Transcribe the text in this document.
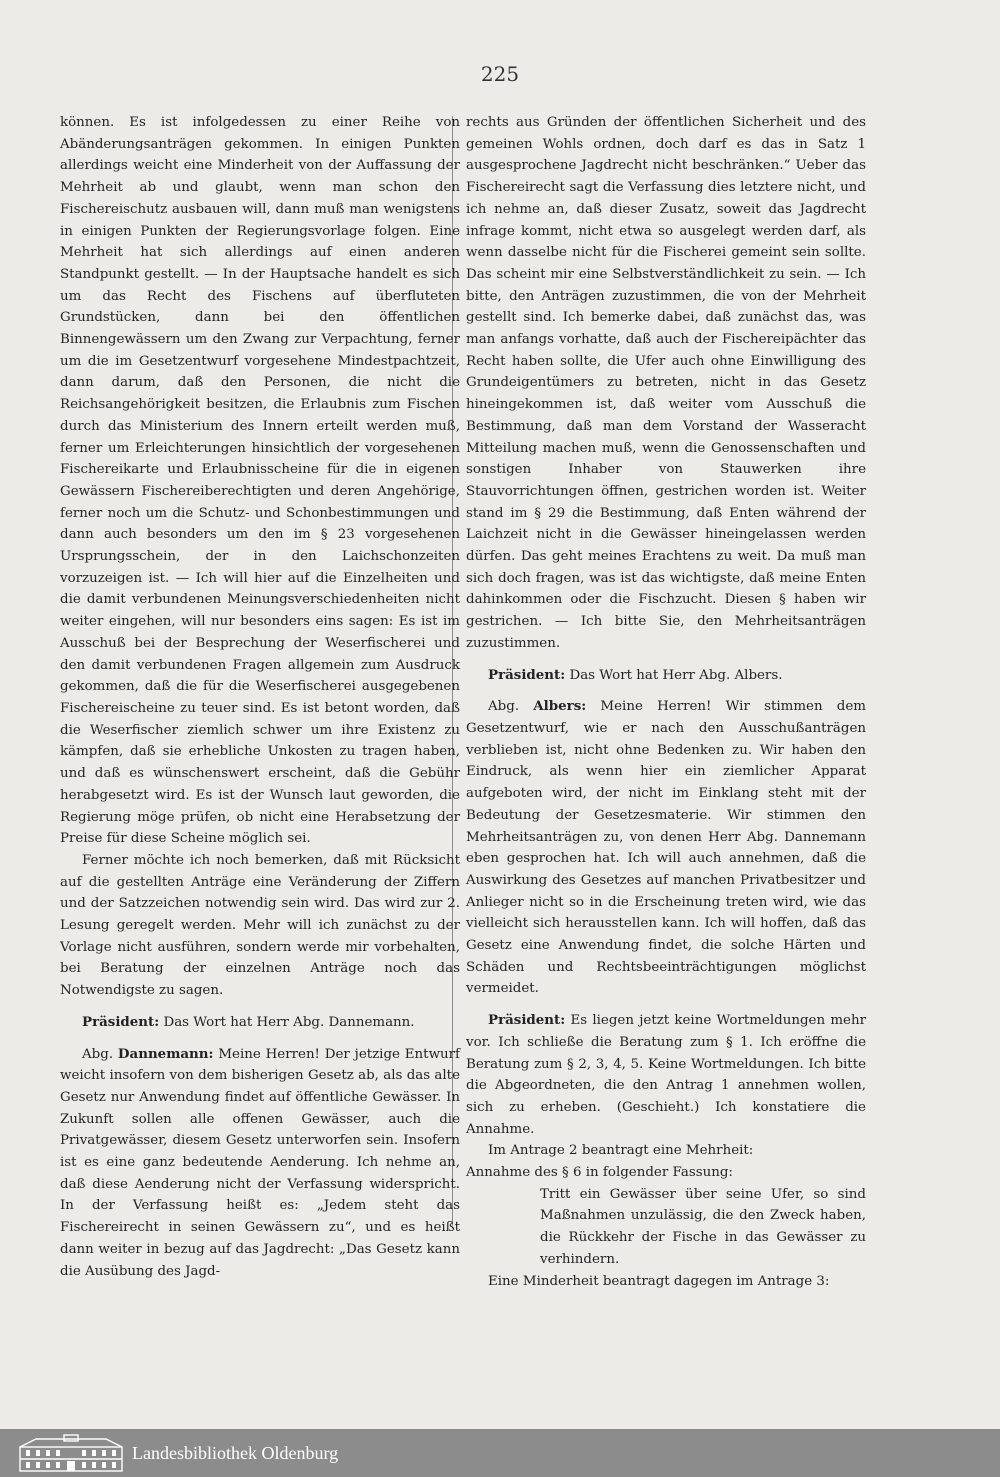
225

können. Es ist infolgedessen zu einer Reihe von Abänderungsanträgen gekommen. In einigen Punkten allerdings weicht eine Minderheit von der Auffassung der Mehrheit ab und glaubt, wenn man schon den Fischereischutz ausbauen will, dann muß man wenigstens in einigen Punkten der Regierungsvorlage folgen. Eine Mehrheit hat sich allerdings auf einen anderen Standpunkt gestellt. — In der Hauptsache handelt es sich um das Recht des Fischens auf überfluteten Grundstücken, dann bei den öffentlichen Binnengewässern um den Zwang zur Verpachtung, ferner um die im Gesetzentwurf vorgesehene Mindestpachtzeit, dann darum, daß den Personen, die nicht die Reichsangehörigkeit besitzen, die Erlaubnis zum Fischen durch das Ministerium des Innern erteilt werden muß, ferner um Erleichterungen hinsichtlich der vorgesehenen Fischereikarte und Erlaubnisscheine für die in eigenen Gewässern Fischereiberechtigten und deren Angehörige, ferner noch um die Schutz- und Schonbestimmungen und dann auch besonders um den im § 23 vorgesehenen Ursprungsschein, der in den Laichschonzeiten vorzuzeigen ist. — Ich will hier auf die Einzelheiten und die damit verbundenen Meinungsverschiedenheiten nicht weiter eingehen, will nur besonders eins sagen: Es ist im Ausschuß bei der Besprechung der Weserfischerei und den damit verbundenen Fragen allgemein zum Ausdruck gekommen, daß die für die Weserfischerei ausgegebenen Fischereischeine zu teuer sind. Es ist betont worden, daß die Weserfischer ziemlich schwer um ihre Existenz zu kämpfen, daß sie erhebliche Unkosten zu tragen haben, und daß es wünschenswert erscheint, daß die Gebühr herabgesetzt wird. Es ist der Wunsch laut geworden, die Regierung möge prüfen, ob nicht eine Herabsetzung der Preise für diese Scheine möglich sei.

Ferner möchte ich noch bemerken, daß mit Rücksicht auf die gestellten Anträge eine Veränderung der Ziffern und der Satzzeichen notwendig sein wird. Das wird zur 2. Lesung geregelt werden. Mehr will ich zunächst zu der Vorlage nicht ausführen, sondern werde mir vorbehalten, bei Beratung der einzelnen Anträge noch das Notwendigste zu sagen.

Präsident: Das Wort hat Herr Abg. Dannemann.

Abg. Dannemann: Meine Herren! Der jetzige Entwurf weicht insofern von dem bisherigen Gesetz ab, als das alte Gesetz nur Anwendung findet auf öffentliche Gewässer. In Zukunft sollen alle offenen Gewässer, auch die Privatgewässer, diesem Gesetz unterworfen sein. Insofern ist es eine ganz bedeutende Aenderung. Ich nehme an, daß diese Aenderung nicht der Verfassung widerspricht. In der Verfassung heißt es: „Jedem steht das Fischereirecht in seinen Gewässern zu“, und es heißt dann weiter in bezug auf das Jagdrecht: „Das Gesetz kann die Ausübung des Jagd-

rechts aus Gründen der öffentlichen Sicherheit und des gemeinen Wohls ordnen, doch darf es das in Satz 1 ausgesprochene Jagdrecht nicht beschränken.“ Ueber das Fischereirecht sagt die Verfassung dies letztere nicht, und ich nehme an, daß dieser Zusatz, soweit das Jagdrecht infrage kommt, nicht etwa so ausgelegt werden darf, als wenn dasselbe nicht für die Fischerei gemeint sein sollte. Das scheint mir eine Selbstverständlichkeit zu sein. — Ich bitte, den Anträgen zuzustimmen, die von der Mehrheit gestellt sind. Ich bemerke dabei, daß zunächst das, was man anfangs vorhatte, daß auch der Fischereipächter das Recht haben sollte, die Ufer auch ohne Einwilligung des Grundeigentümers zu betreten, nicht in das Gesetz hineingekommen ist, daß weiter vom Ausschuß die Bestimmung, daß man dem Vorstand der Wasseracht Mitteilung machen muß, wenn die Genossenschaften und sonstigen Inhaber von Stauwerken ihre Stauvorrichtungen öffnen, gestrichen worden ist. Weiter stand im § 29 die Bestimmung, daß Enten während der Laichzeit nicht in die Gewässer hineingelassen werden dürfen. Das geht meines Erachtens zu weit. Da muß man sich doch fragen, was ist das wichtigste, daß meine Enten dahinkommen oder die Fischzucht. Diesen § haben wir gestrichen. — Ich bitte Sie, den Mehrheitsanträgen zuzustimmen.

Präsident: Das Wort hat Herr Abg. Albers.

Abg. Albers: Meine Herren! Wir stimmen dem Gesetzentwurf, wie er nach den Ausschußanträgen verblieben ist, nicht ohne Bedenken zu. Wir haben den Eindruck, als wenn hier ein ziemlicher Apparat aufgeboten wird, der nicht im Einklang steht mit der Bedeutung der Gesetzesmaterie. Wir stimmen den Mehrheitsanträgen zu, von denen Herr Abg. Dannemann eben gesprochen hat. Ich will auch annehmen, daß die Auswirkung des Gesetzes auf manchen Privatbesitzer und Anlieger nicht so in die Erscheinung treten wird, wie das vielleicht sich herausstellen kann. Ich will hoffen, daß das Gesetz eine Anwendung findet, die solche Härten und Schäden und Rechtsbeeinträchtigungen möglichst vermeidet.

Präsident: Es liegen jetzt keine Wortmeldungen mehr vor. Ich schließe die Beratung zum § 1. Ich eröffne die Beratung zum § 2, 3, 4, 5. Keine Wortmeldungen. Ich bitte die Abgeordneten, die den Antrag 1 annehmen wollen, sich zu erheben. (Geschieht.) Ich konstatiere die Annahme.

Im Antrage 2 beantragt eine Mehrheit:

Annahme des § 6 in folgender Fassung:

Tritt ein Gewässer über seine Ufer, so sind Maßnahmen unzulässig, die den Zweck haben, die Rückkehr der Fische in das Gewässer zu verhindern.

Eine Minderheit beantragt dagegen im Antrage 3:

Landesbibliothek Oldenburg
